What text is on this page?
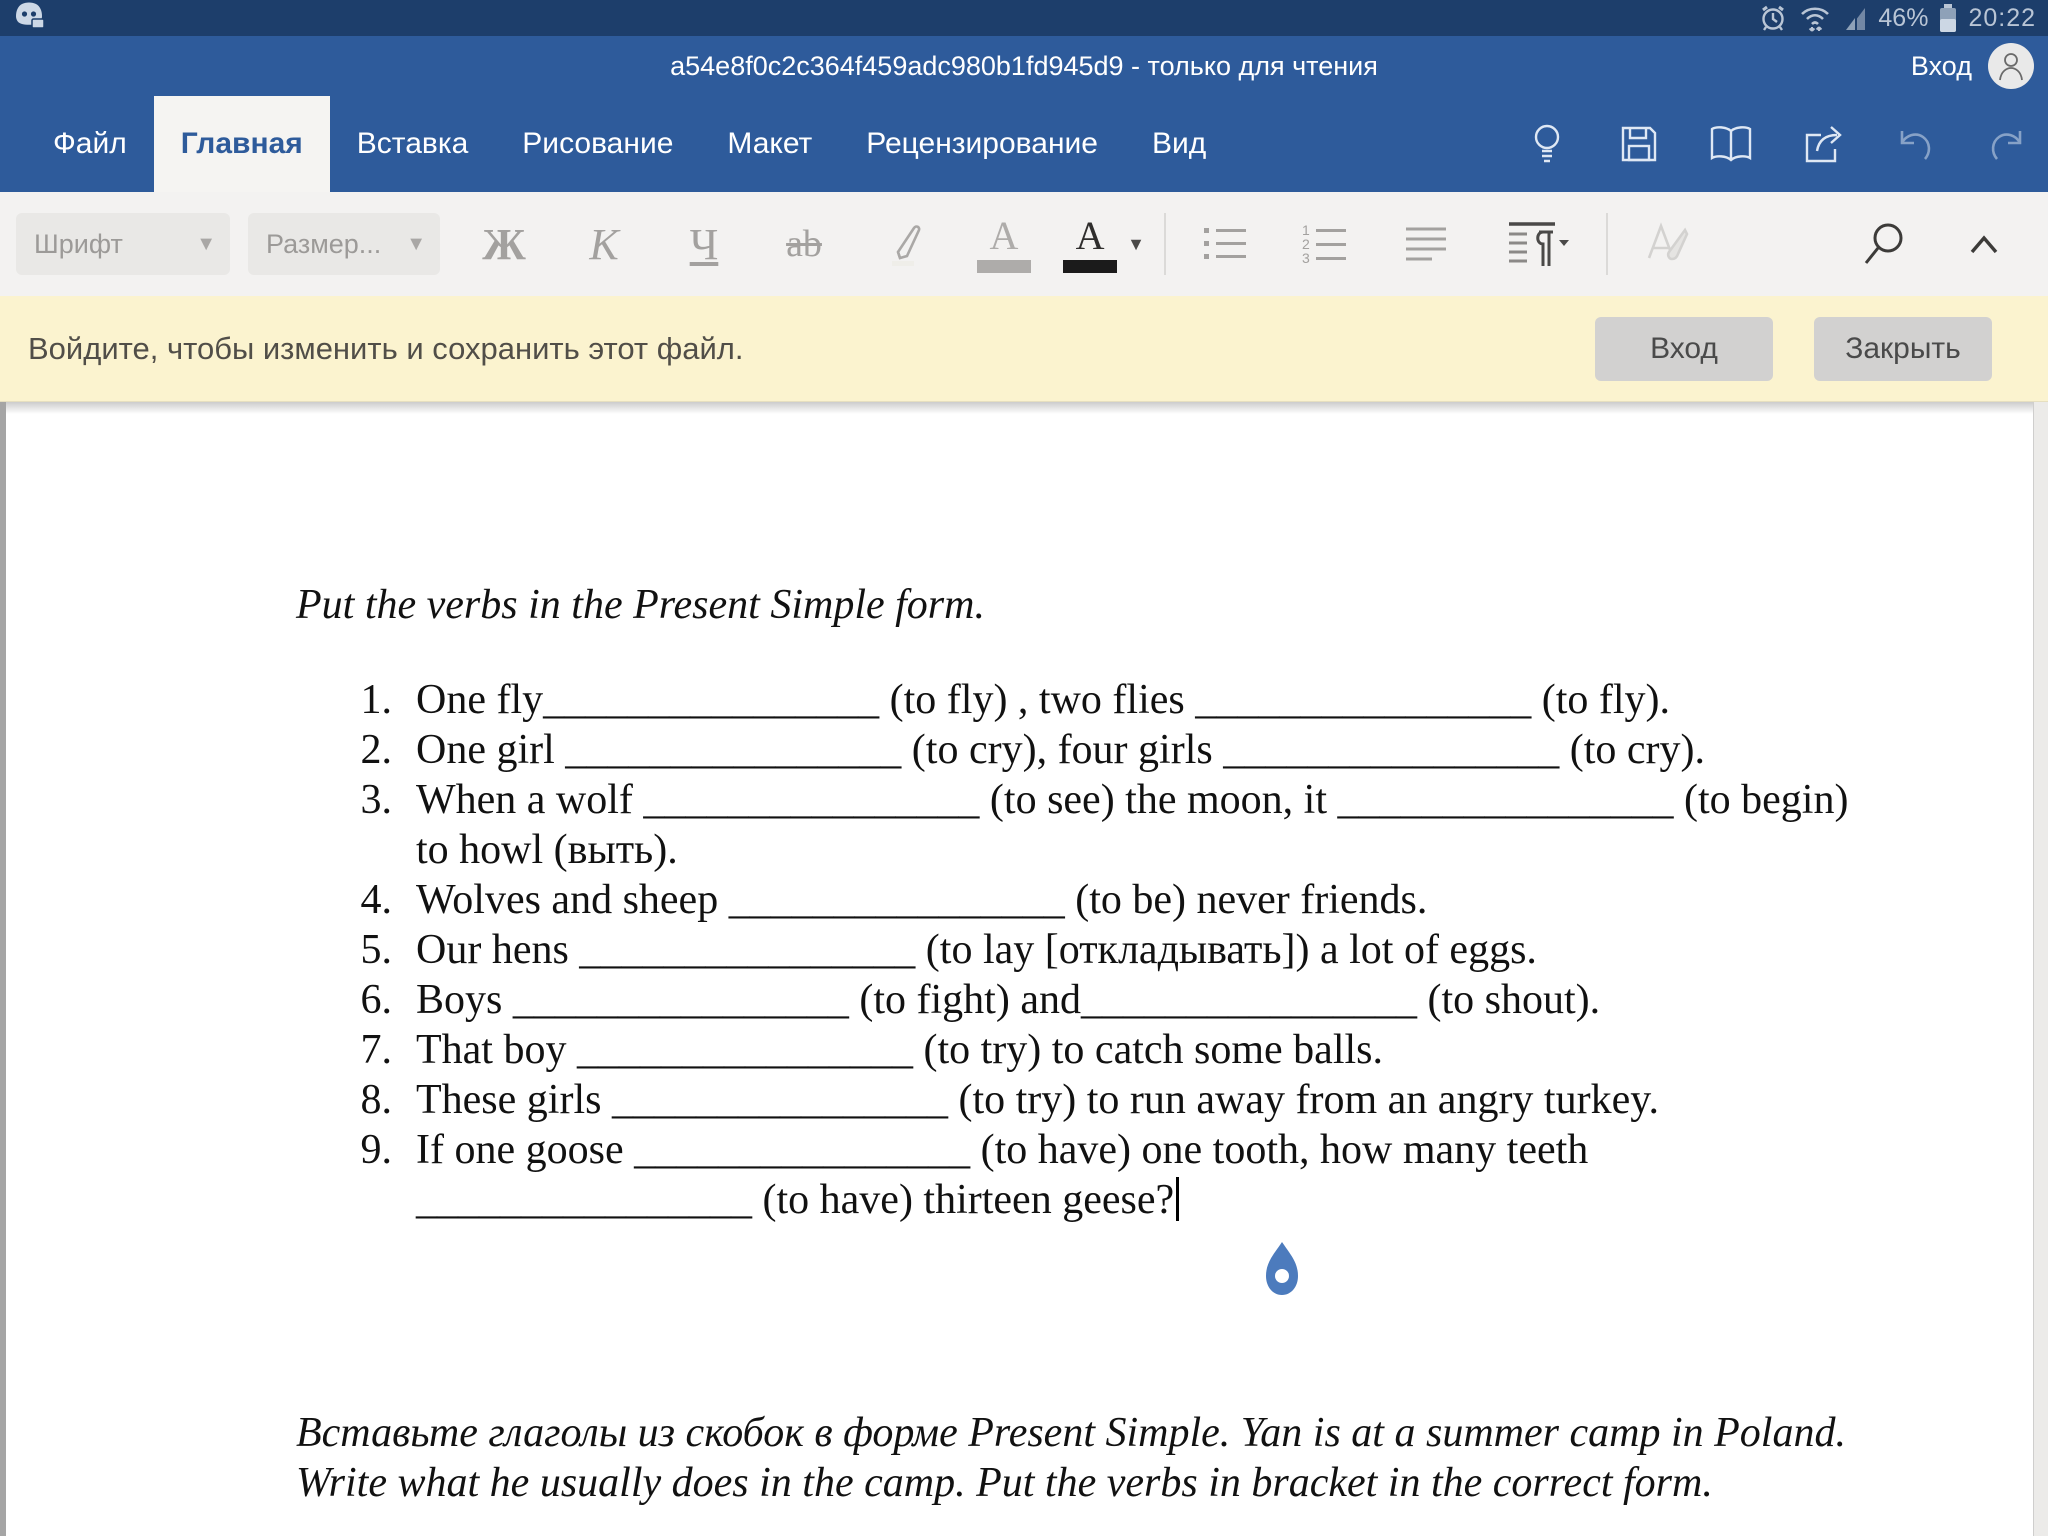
46% 20:22
a54e8f0c2c364f459adc980b1fd945d9 - только для чтения	Вход
Файл	Главная	Вставка	Рисование	Макет	Рецензирование	Вид
Шрифт	▼ Размер... ▼	Ж	К	Ч	ab	А А ▼
1
2
3
Войдите, чтобы изменить и сохранить этот файл.	Вход	Закрыть
Put the verbs in the Present Simple form.
1. One fly________________ (to fly) , two flies ________________ (to fly).
2. One girl ________________ (to cry), four girls ________________ (to cry).
3. When a wolf ________________ (to see) the moon, it ________________ (to begin) to howl (выть).
4. Wolves and sheep ________________ (to be) never friends.
5. Our hens ________________ (to lay [откладывать]) a lot of eggs.
6. Boys ________________ (to fight) and________________ (to shout).
7. That boy ________________ (to try) to catch some balls.
8. These girls ________________ (to try) to run away from an angry turkey.
9. If one goose ________________ (to have) one tooth, how many teeth ________________ (to have) thirteen geese?
Вставьте глаголы из скобок в форме Present Simple. Yan is at a summer camp in Poland. Write what he usually does in the camp. Put the verbs in bracket in the correct form.
